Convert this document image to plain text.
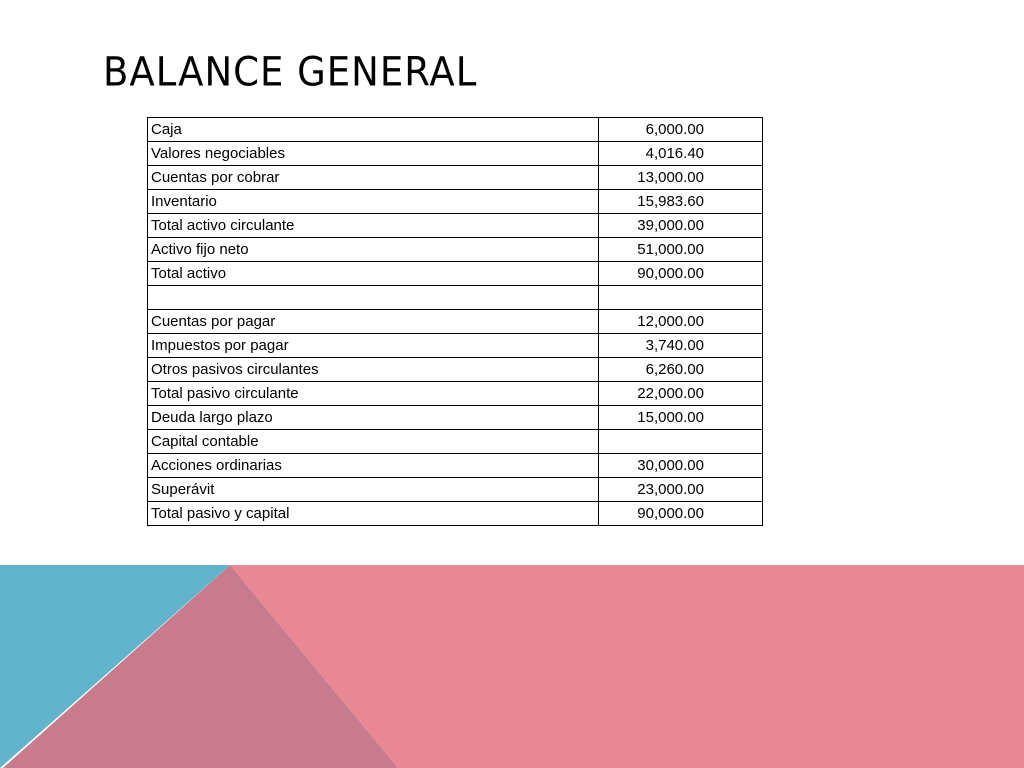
BALANCE GENERAL
Caja	6,000.00
Valores negociables	4,016.40
Cuentas por cobrar	13,000.00
Inventario	15,983.60
Total activo circulante	39,000.00
Activo fijo neto	51,000.00
Total activo	90,000.00

Cuentas por pagar	12,000.00
Impuestos por pagar	3,740.00
Otros pasivos circulantes	6,260.00
Total pasivo circulante	22,000.00
Deuda largo plazo	15,000.00
Capital contable	
Acciones ordinarias	30,000.00
Superávit	23,000.00
Total pasivo y capital	90,000.00
